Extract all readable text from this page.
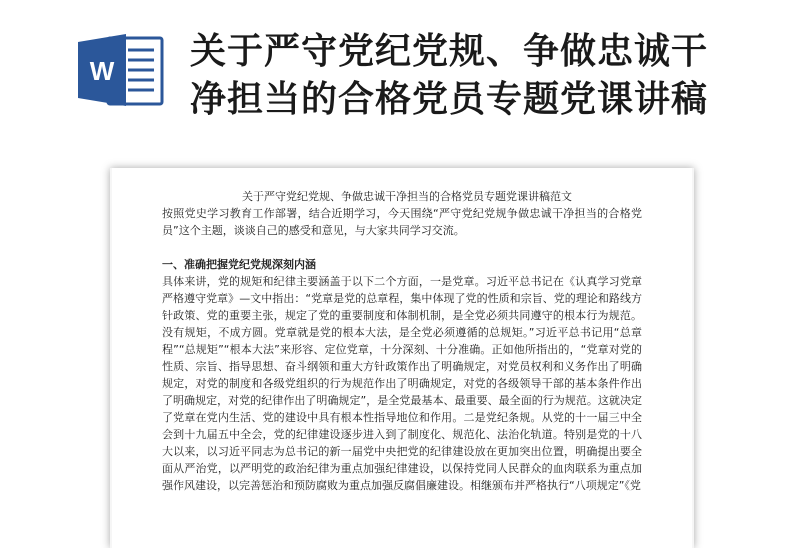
W 关于严守党纪党规、争做忠诚干
净担当的合格党员专题党课讲稿

关于严守党纪党规、争做忠诚干净担当的合格党员专题党课讲稿范文

按照党史学习教育工作部署，结合近期学习，今天围绕“严守党纪党规争做忠诚干净担当的合格党员”这个主题，谈谈自己的感受和意见，与大家共同学习交流。

一、准确把握党纪党规深刻内涵

具体来讲，党的规矩和纪律主要涵盖于以下二个方面，一是党章。习近平总书记在《认真学习党章严格遵守党章》—文中指出：“党章是党的总章程，集中体现了党的性质和宗旨、党的理论和路线方针政策、党的重要主张，规定了党的重要制度和体制机制，是全党必须共同遵守的根本行为规范。没有规矩，不成方圆。党章就是党的根本大法，是全党必须遵循的总规矩。”习近平总书记用“总章程”“总规矩”“根本大法”来形容、定位党章，十分深刻、十分准确。正如他所指出的，“党章对党的性质、宗旨、指导思想、奋斗纲领和重大方针政策作出了明确规定，对党员权利和义务作出了明确规定，对党的制度和各级党组织的行为规范作出了明确规定，对党的各级领导干部的基本条件作出了明确规定，对党的纪律作出了明确规定”，是全党最基本、最重要、最全面的行为规范。这就决定了党章在党内生活、党的建设中具有根本性指导地位和作用。二是党纪条规。从党的十一届三中全会到十九届五中全会，党的纪律建设逐步进入到了制度化、规范化、法治化轨道。特别是党的十八大以来，以习近平同志为总书记的新一届党中央把党的纪律建设放在更加突出位置，明确提出要全面从严治党，以严明党的政治纪律为重点加强纪律建设，以保持党同人民群众的血肉联系为重点加强作风建设，以完善惩治和预防腐败为重点加强反腐倡廉建设。相继颁布并严格执行“八项规定”《党
